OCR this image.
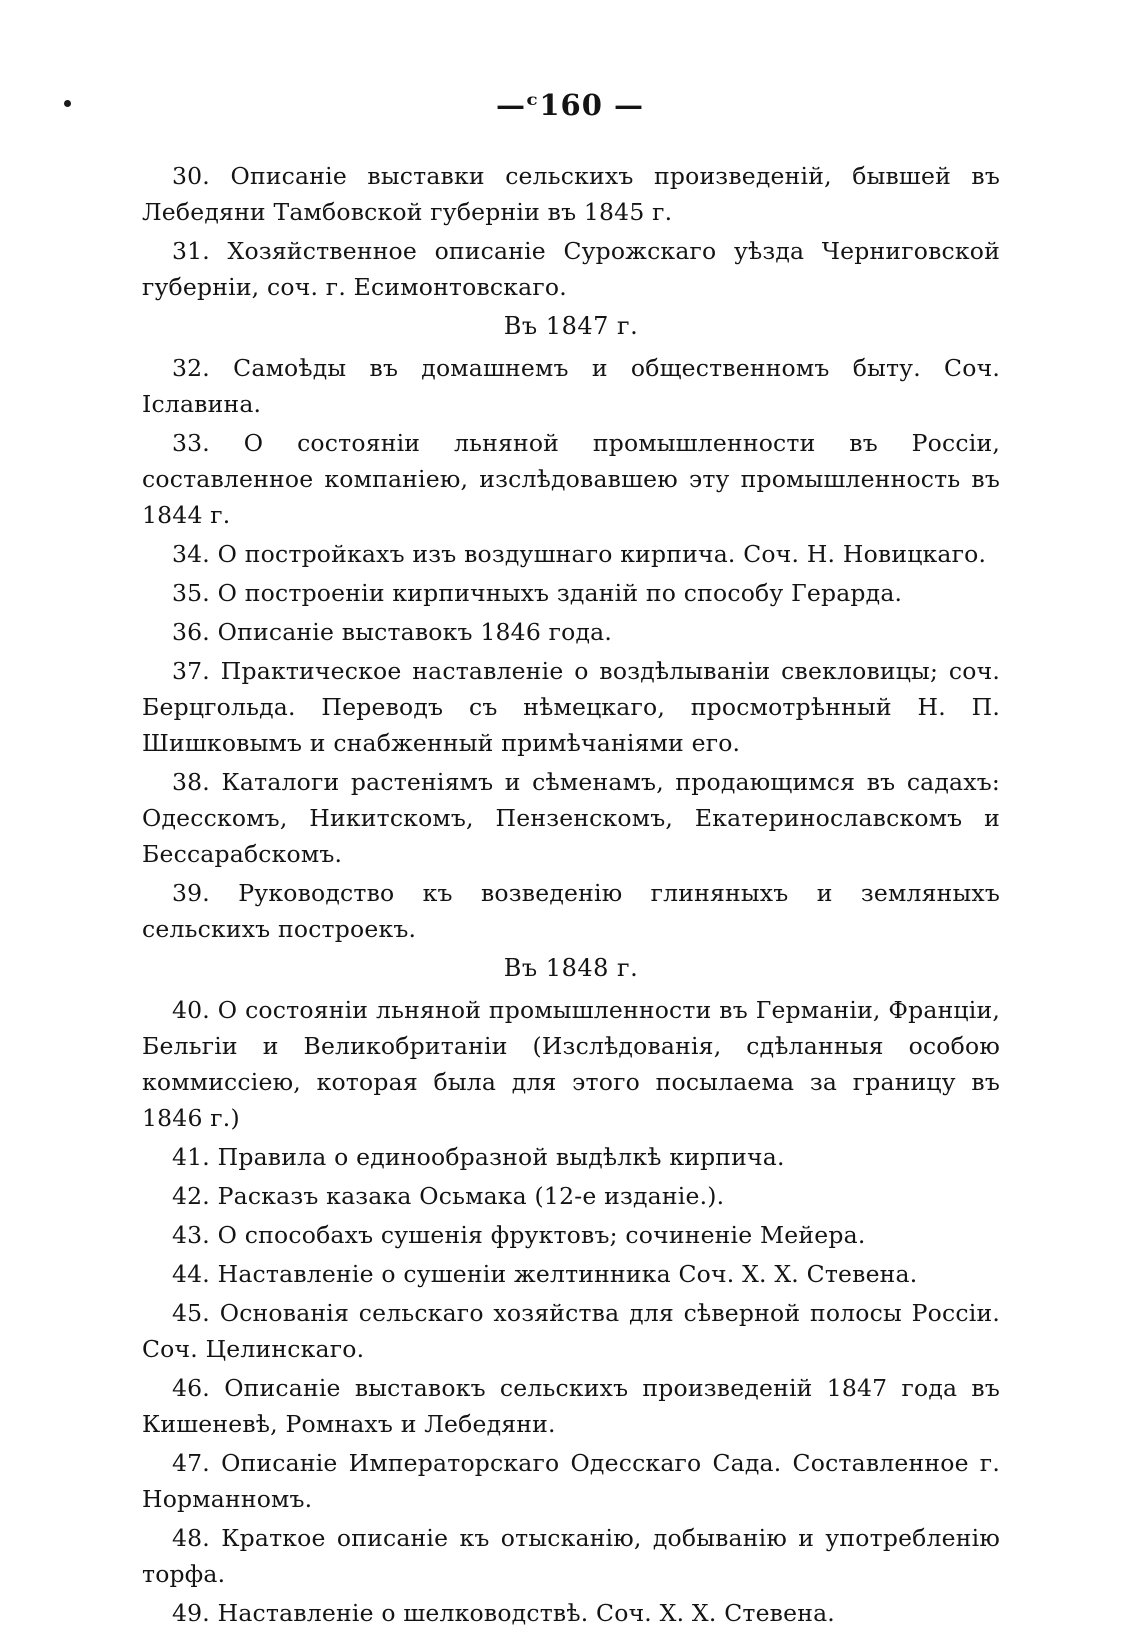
—ᶜ160 —

30. Описаніе выставки сельскихъ произведеній, бывшей въ Лебедяни Тамбовской губерніи въ 1845 г.

31. Хозяйственное описаніе Сурожскаго уѣзда Черниговской губерніи, соч. г. Есимонтовскаго.

Въ 1847 г.

32. Самоѣды въ домашнемъ и общественномъ быту. Соч. Іславина.

33. О состояніи льняной промышленности въ Россіи, составленное компаніею, изслѣдовавшею эту промышленность въ 1844 г.

34. О постройкахъ изъ воздушнаго кирпича. Соч. Н. Новицкаго.

35. О построеніи кирпичныхъ зданій по способу Герарда.

36. Описаніе выставокъ 1846 года.

37. Практическое наставленіе о воздѣлываніи свекловицы; соч. Берцгольда. Переводъ съ нѣмецкаго, просмотрѣнный Н. П. Шишковымъ и снабженный примѣчаніями его.

38. Каталоги растеніямъ и сѣменамъ, продающимся въ садахъ: Одесскомъ, Никитскомъ, Пензенскомъ, Екатеринославскомъ и Бессарабскомъ.

39. Руководство къ возведенію глиняныхъ и земляныхъ сельскихъ построекъ.

Въ 1848 г.

40. О состояніи льняной промышленности въ Германіи, Франціи, Бельгіи и Великобританіи (Изслѣдованія, сдѣланныя особою коммиссіею, которая была для этого посылаема за границу въ 1846 г.)

41. Правила о единообразной выдѣлкѣ кирпича.

42. Расказъ казака Осьмака (12-е изданіе.).

43. О способахъ сушенія фруктовъ; сочиненіе Мейера.

44. Наставленіе о сушеніи желтинника Соч. Х. Х. Стевена.

45. Основанія сельскаго хозяйства для сѣверной полосы Россіи. Соч. Целинскаго.

46. Описаніе выставокъ сельскихъ произведеній 1847 года въ Кишеневѣ, Ромнахъ и Лебедяни.

47. Описаніе Императорскаго Одесскаго Сада. Составленное г. Норманномъ.

48. Краткое описаніе къ отысканію, добыванію и употребленію торфа.

49. Наставленіе о шелководствѣ. Соч. Х. Х. Стевена.
